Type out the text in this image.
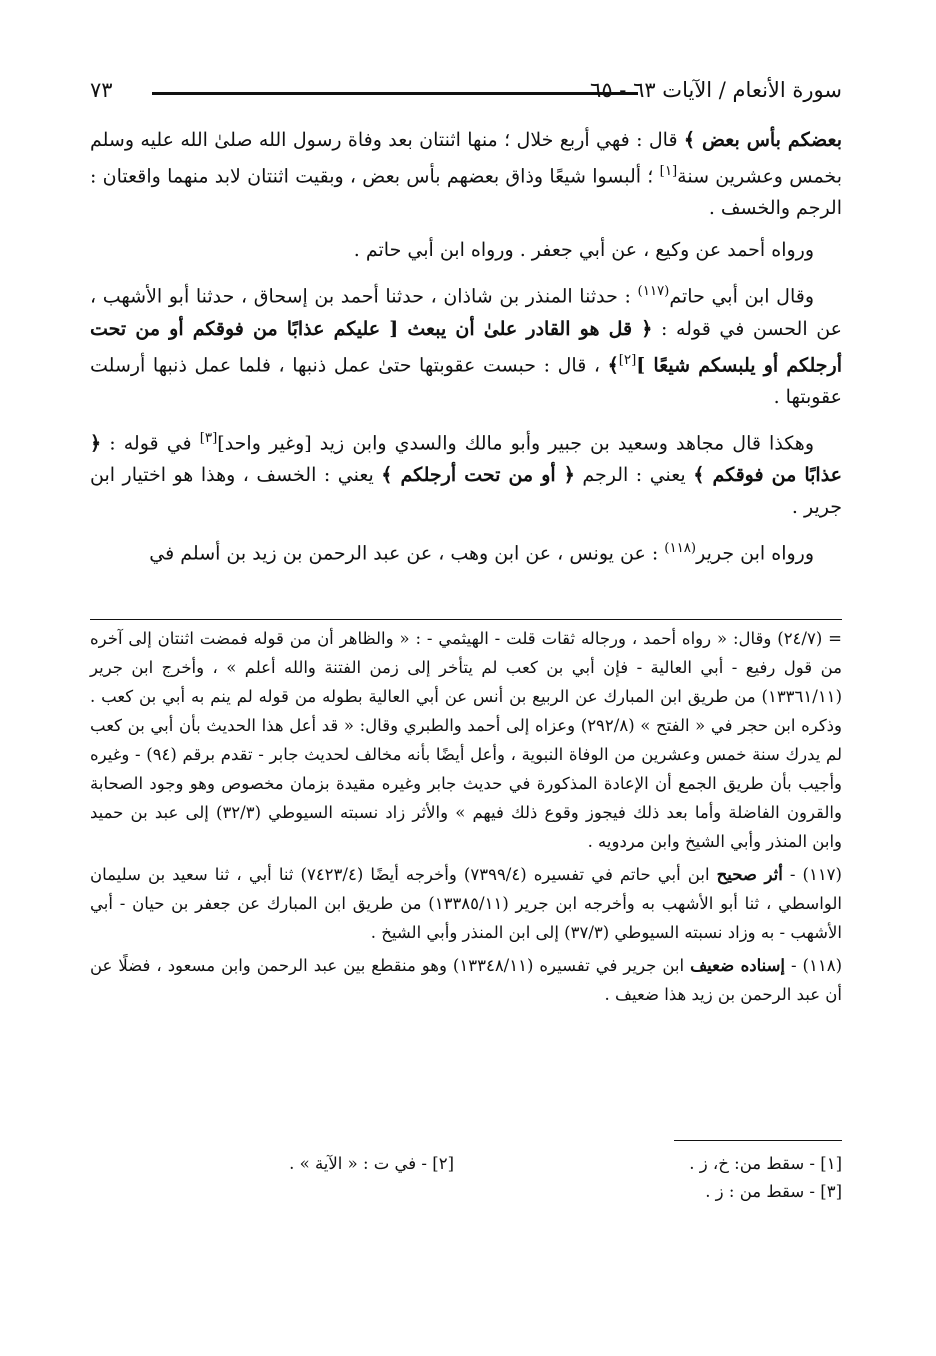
سورة الأنعام / الآيات ٦٣ - ٦٥
٧٣

بعضكم بأس بعض ﴾ قال : فهي أربع خلال ؛ منها اثنتان بعد وفاة رسول الله صلىٰ الله عليه وسلم بخمس وعشرين سنة[١] ؛ ألبسوا شيعًا وذاق بعضهم بأس بعض ، وبقيت اثنتان لابد منهما واقعتان : الرجم والخسف .

ورواه أحمد عن وكيع ، عن أبي جعفر . ورواه ابن أبي حاتم .

وقال ابن أبي حاتم$^{(١١٧)}$ : حدثنا المنذر بن شاذان ، حدثنا أحمد بن إسحاق ، حدثنا أبو الأشهب ، عن الحسن في قوله : ﴿ قل هو القادر علىٰ أن يبعث [ عليكم عذابًا من فوقكم أو من تحت أرجلكم أو يلبسكم شيعًا ][٢]﴾ ، قال : حبست عقوبتها حتىٰ عمل ذنبها ، فلما عمل ذنبها أرسلت عقوبتها .

وهكذا قال مجاهد وسعيد بن جبير وأبو مالك والسدي وابن زيد [وغير واحد][٣] في قوله : ﴿ عذابًا من فوقكم ﴾ يعني : الرجم ﴿ أو من تحت أرجلكم ﴾ يعني : الخسف ، وهذا هو اختيار ابن جرير .

ورواه ابن جرير$^{(١١٨)}$ : عن يونس ، عن ابن وهب ، عن عبد الرحمن بن زيد بن أسلم في

= (٢٤/٧) وقال: « رواه أحمد ، ورجاله ثقات قلت - الهيثمي - : « والظاهر أن من قوله فمضت اثنتان إلى آخره من قول رفيع - أبي العالية - فإن أبي بن كعب لم يتأخر إلى زمن الفتنة والله أعلم » ، وأخرج ابن جرير (١٣٣٦١/١١) من طريق ابن المبارك عن الربيع بن أنس عن أبي العالية بطوله من قوله لم ينم به أبي بن كعب . وذكره ابن حجر في « الفتح » (٢٩٢/٨) وعزاه إلى أحمد والطبري وقال: « قد أعل هذا الحديث بأن أبي بن كعب لم يدرك سنة خمس وعشرين من الوفاة النبوية ، وأعل أيضًا بأنه مخالف لحديث جابر - تقدم برقم (٩٤) - وغيره وأجيب بأن طريق الجمع أن الإعادة المذكورة في حديث جابر وغيره مقيدة بزمان مخصوص وهو وجود الصحابة والقرون الفاضلة وأما بعد ذلك فيجوز وقوع ذلك فيهم » والأثر زاد نسبته السيوطي (٣٢/٣) إلى عبد بن حميد وابن المنذر وأبي الشيخ وابن مردويه .

(١١٧) - أثر صحيح ابن أبي حاتم في تفسيره (٧٣٩٩/٤) وأخرجه أيضًا (٧٤٢٣/٤) ثنا أبي ، ثنا سعيد بن سليمان الواسطي ، ثنا أبو الأشهب به وأخرجه ابن جرير (١٣٣٨٥/١١) من طريق ابن المبارك عن جعفر بن حيان - أبي الأشهب - به وزاد نسبته السيوطي (٣٧/٣) إلى ابن المنذر وأبي الشيخ .

(١١٨) - إسناده ضعيف ابن جرير في تفسيره (١٣٣٤٨/١١) وهو منقطع بين عبد الرحمن وابن مسعود ، فضلًا عن أن عبد الرحمن بن زيد هذا ضعيف .

[١] - سقط من: خ، ز .
[٢] - في ت : « الآية » .
[٣] - سقط من : ز .
